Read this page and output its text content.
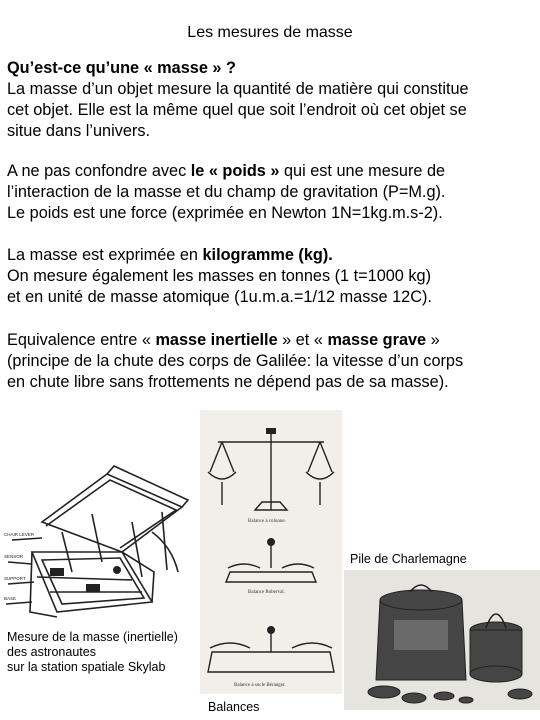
Les mesures de masse

Qu’est-ce qu’une « masse » ?
La masse d’un objet mesure la quantité de matière qui constitue
cet objet. Elle est la même quel que soit l’endroit où cet objet se
situe dans l’univers.

A ne pas confondre avec le « poids » qui est une mesure de
l’interaction de la masse et du champ de gravitation (P=M.g).
Le poids est une force (exprimée en Newton 1N=1kg.m.s-2).

La masse est exprimée en kilogramme (kg).
On mesure également les masses en tonnes (1 t=1000 kg)
et en unité de masse atomique (1u.m.a.=1/12 masse 12C).

Equivalence entre « masse inertielle » et « masse grave »
(principe de la chute des corps de Galilée: la vitesse d’un corps
en chute libre sans frottements ne dépend pas de sa masse).

CHAIR LEVER
SENSOR
SUPPORT
BASE
Balance à colonne.
Balance Roberval.
Balance à socle Béranger.
Mesure de la masse (inertielle)
des astronautes
sur la station spatiale Skylab
Balances
Pile de Charlemagne
